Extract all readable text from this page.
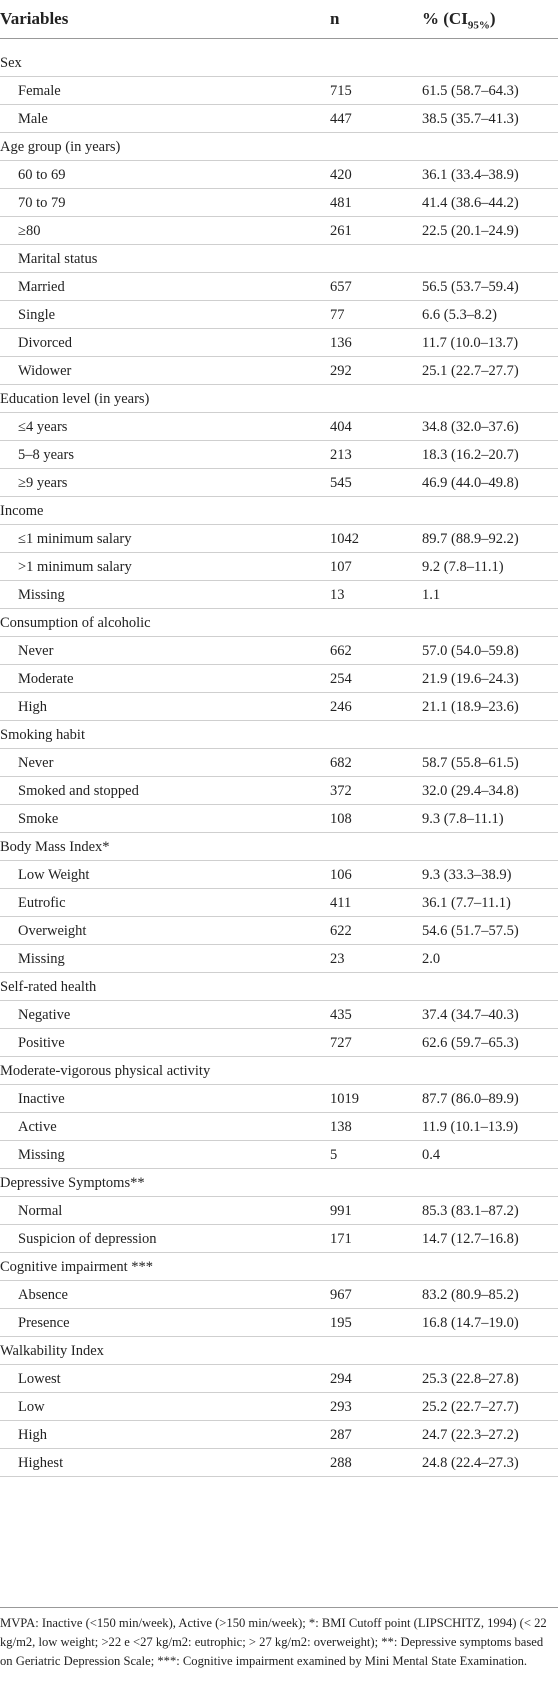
Variables	n	% $(CI_{95\%})$
Sex
Female	715	61.5 (58.7–64.3)
Male	447	38.5 (35.7–41.3)
Age group (in years)
60 to 69	420	36.1 (33.4–38.9)
70 to 79	481	41.4 (38.6–44.2)
≥80	261	22.5 (20.1–24.9)
Marital status
Married	657	56.5 (53.7–59.4)
Single	77	6.6 (5.3–8.2)
Divorced	136	11.7 (10.0–13.7)
Widower	292	25.1 (22.7–27.7)
Education level (in years)
≤4 years	404	34.8 (32.0–37.6)
5–8 years	213	18.3 (16.2–20.7)
≥9 years	545	46.9 (44.0–49.8)
Income
≤1 minimum salary	1042	89.7 (88.9–92.2)
>1 minimum salary	107	9.2 (7.8–11.1)
Missing	13	1.1
Consumption of alcoholic
Never	662	57.0 (54.0–59.8)
Moderate	254	21.9 (19.6–24.3)
High	246	21.1 (18.9–23.6)
Smoking habit
Never	682	58.7 (55.8–61.5)
Smoked and stopped	372	32.0 (29.4–34.8)
Smoke	108	9.3 (7.8–11.1)
Body Mass Index*
Low Weight	106	9.3 (33.3–38.9)
Eutrofic	411	36.1 (7.7–11.1)
Overweight	622	54.6 (51.7–57.5)
Missing	23	2.0
Self-rated health
Negative	435	37.4 (34.7–40.3)
Positive	727	62.6 (59.7–65.3)
Moderate-vigorous physical activity
Inactive	1019	87.7 (86.0–89.9)
Active	138	11.9 (10.1–13.9)
Missing	5	0.4
Depressive Symptoms**
Normal	991	85.3 (83.1–87.2)
Suspicion of depression	171	14.7 (12.7–16.8)
Cognitive impairment ***
Absence	967	83.2 (80.9–85.2)
Presence	195	16.8 (14.7–19.0)
Walkability Index
Lowest	294	25.3 (22.8–27.8)
Low	293	25.2 (22.7–27.7)
High	287	24.7 (22.3–27.2)
Highest	288	24.8 (22.4–27.3)
MVPA: Inactive (<150 min/week), Active (>150 min/week); *: BMI Cutoff point (LIPSCHITZ, 1994) (< 22 kg/m2, low weight; >22 e <27 kg/m2: eutrophic; > 27 kg/m2: overweight); **: Depressive symptoms based on Geriatric Depression Scale; ***: Cognitive impairment examined by Mini Mental State Examination.
